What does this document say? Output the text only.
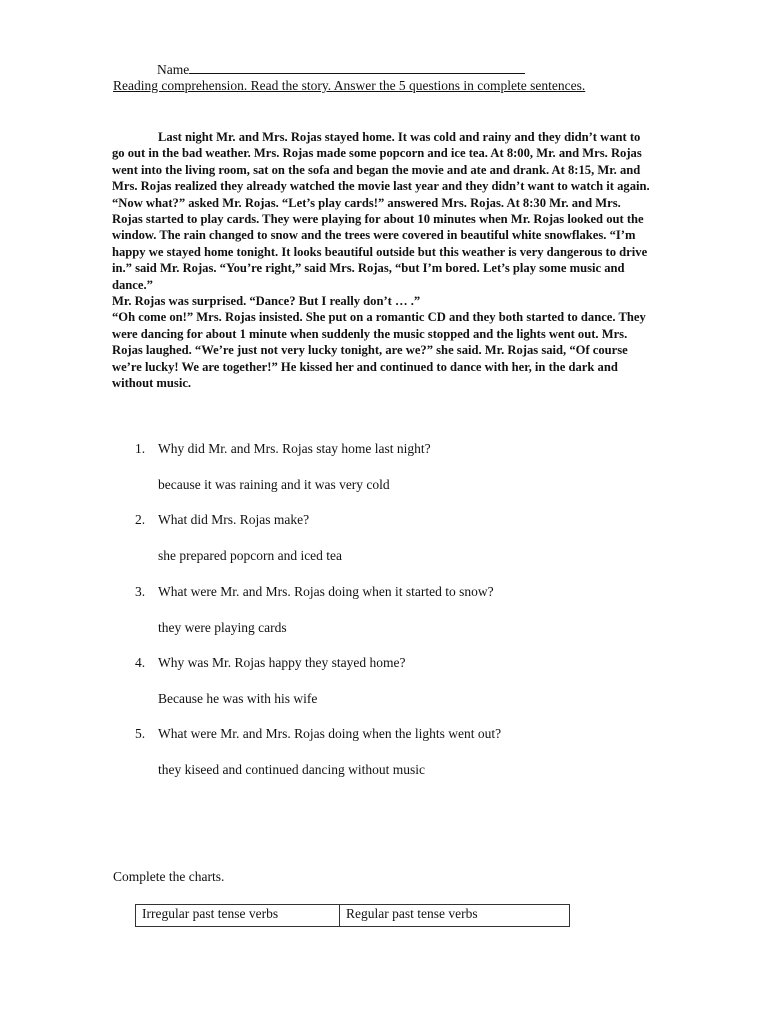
Name
Reading comprehension. Read the story. Answer the 5 questions in complete sentences.

Last night Mr. and Mrs. Rojas stayed home. It was cold and rainy and they didn’t want to go out in the bad weather. Mrs. Rojas made some popcorn and ice tea. At 8:00, Mr. and Mrs. Rojas went into the living room, sat on the sofa and began the movie and ate and drank. At 8:15, Mr. and Mrs. Rojas realized they already watched the movie last year and they didn’t want to watch it again.

“Now what?” asked Mr. Rojas. “Let’s play cards!” answered Mrs. Rojas. At 8:30 Mr. and Mrs. Rojas started to play cards. They were playing for about 10 minutes when Mr. Rojas looked out the window. The rain changed to snow and the trees were covered in beautiful white snowflakes. “I’m happy we stayed home tonight. It looks beautiful outside but this weather is very dangerous to drive in.” said Mr. Rojas. “You’re right,” said Mrs. Rojas, “but I’m bored. Let’s play some music and dance.”

Mr. Rojas was surprised. “Dance? But I really don’t … .”

“Oh come on!” Mrs. Rojas insisted. She put on a romantic CD and they both started to dance. They were dancing for about 1 minute when suddenly the music stopped and the lights went out. Mrs. Rojas laughed. “We’re just not very lucky tonight, are we?” she said. Mr. Rojas said, “Of course we’re lucky! We are together!” He kissed her and continued to dance with her, in the dark and without music.

1. Why did Mr. and Mrs. Rojas stay home last night?
because it was raining and it was very cold
2. What did Mrs. Rojas make?
she prepared popcorn and iced tea
3. What were Mr. and Mrs. Rojas doing when it started to snow?
they were playing cards
4. Why was Mr. Rojas happy they stayed home?
Because he was with his wife
5. What were Mr. and Mrs. Rojas doing when the lights went out?
they kiseed and continued dancing without music
Complete the charts.
Irregular past tense verbs	Regular past tense verbs
